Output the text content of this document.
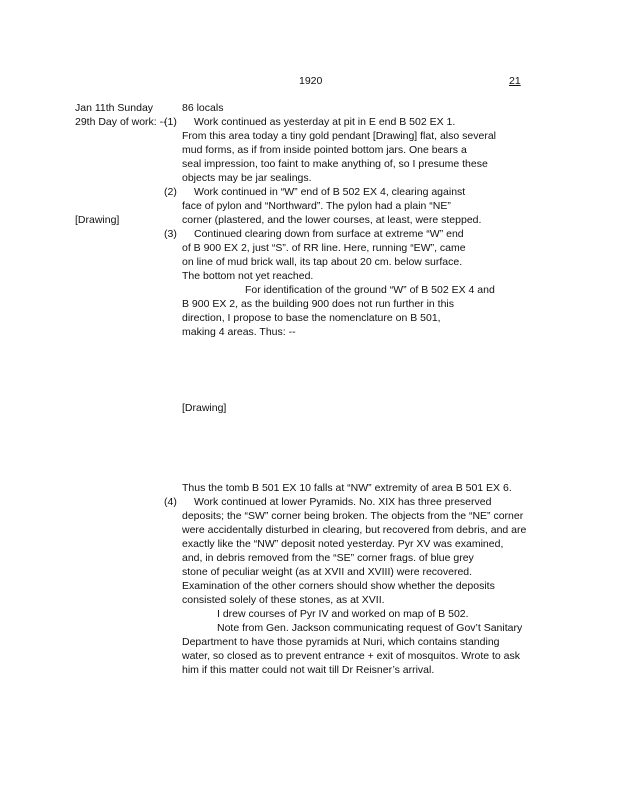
1920	21
Jan 11th Sunday	86 locals
29th Day of work: --
(1) Work continued as yesterday at pit in E end B 502 EX 1.
From this area today a tiny gold pendant [Drawing] flat, also several
mud forms, as if from inside pointed bottom jars. One bears a
seal impression, too faint to make anything of, so I presume these
objects may be jar sealings.
(2) Work continued in “W” end of B 502 EX 4, clearing against
face of pylon and “Northward”. The pylon had a plain “NE”
[Drawing]	corner (plastered, and the lower courses, at least, were stepped.
(3) Continued clearing down from surface at extreme “W” end
of B 900 EX 2, just “S”. of RR line. Here, running “EW”, came
on line of mud brick wall, its tap about 20 cm. below surface.
The bottom not yet reached.
For identification of the ground “W” of B 502 EX 4 and
B 900 EX 2, as the building 900 does not run further in this
direction, I propose to base the nomenclature on B 501,
making 4 areas. Thus: --
[Drawing]
Thus the tomb B 501 EX 10 falls at “NW” extremity of area B 501 EX 6.
(4) Work continued at lower Pyramids. No. XIX has three preserved
deposits; the “SW” corner being broken. The objects from the “NE” corner
were accidentally disturbed in clearing, but recovered from debris, and are
exactly like the “NW” deposit noted yesterday. Pyr XV was examined,
and, in debris removed from the “SE” corner frags. of blue grey
stone of peculiar weight (as at XVII and XVIII) were recovered.
Examination of the other corners should show whether the deposits
consisted solely of these stones, as at XVII.
I drew courses of Pyr IV and worked on map of B 502.
Note from Gen. Jackson communicating request of Gov’t Sanitary
Department to have those pyramids at Nuri, which contains standing
water, so closed as to prevent entrance + exit of mosquitos. Wrote to ask
him if this matter could not wait till Dr Reisner’s arrival.
